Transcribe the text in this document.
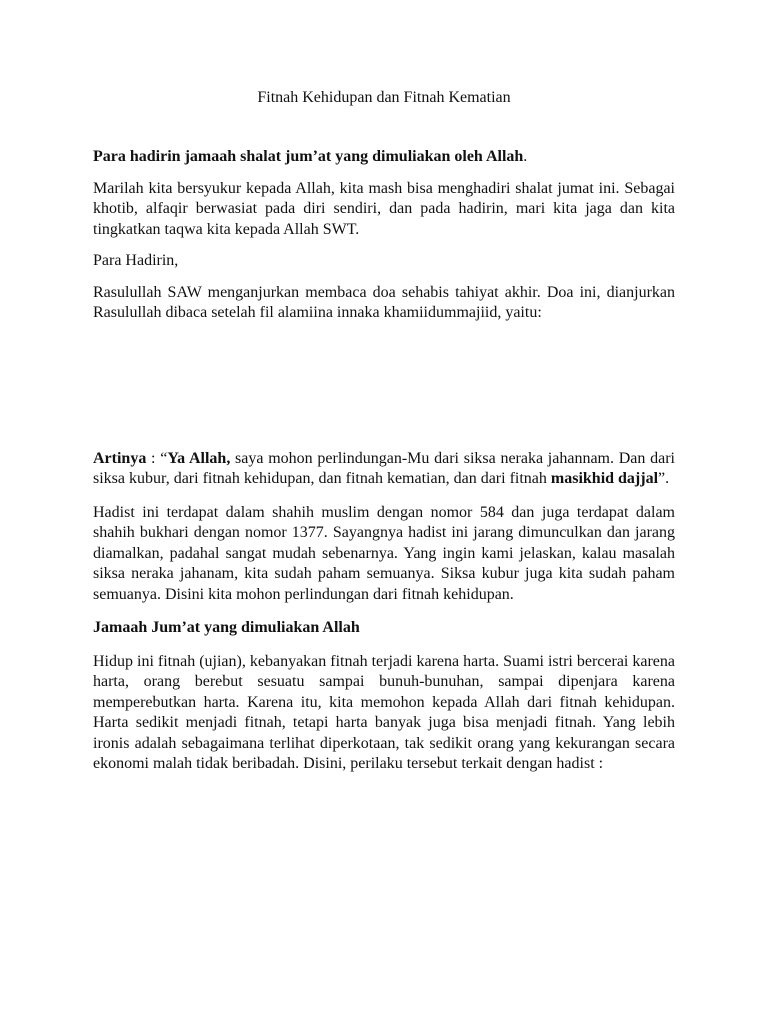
Fitnah Kehidupan dan Fitnah Kematian

Para hadirin jamaah shalat jum’at yang dimuliakan oleh Allah.

Marilah kita bersyukur kepada Allah, kita mash bisa menghadiri shalat jumat ini. Sebagai khotib, alfaqir berwasiat pada diri sendiri, dan pada hadirin, mari kita jaga dan kita tingkatkan taqwa kita kepada Allah SWT.

Para Hadirin,

Rasulullah SAW menganjurkan membaca doa sehabis tahiyat akhir. Doa ini, dianjurkan Rasulullah dibaca setelah fil alamiina innaka khamiidummajiid, yaitu:

Artinya : “Ya Allah, saya mohon perlindungan-Mu dari siksa neraka jahannam. Dan dari siksa kubur, dari fitnah kehidupan, dan fitnah kematian, dan dari fitnah masikhid dajjal”.

Hadist ini terdapat dalam shahih muslim dengan nomor 584 dan juga terdapat dalam shahih bukhari dengan nomor 1377. Sayangnya hadist ini jarang dimunculkan dan jarang diamalkan, padahal sangat mudah sebenarnya. Yang ingin kami jelaskan, kalau masalah siksa neraka jahanam, kita sudah paham semuanya. Siksa kubur juga kita sudah paham semuanya. Disini kita mohon perlindungan dari fitnah kehidupan.

Jamaah Jum’at yang dimuliakan Allah

Hidup ini fitnah (ujian), kebanyakan fitnah terjadi karena harta. Suami istri bercerai karena harta, orang berebut sesuatu sampai bunuh-bunuhan, sampai dipenjara karena memperebutkan harta. Karena itu, kita memohon kepada Allah dari fitnah kehidupan. Harta sedikit menjadi fitnah, tetapi harta banyak juga bisa menjadi fitnah. Yang lebih ironis adalah sebagaimana terlihat diperkotaan, tak sedikit orang yang kekurangan secara ekonomi malah tidak beribadah. Disini, perilaku tersebut terkait dengan hadist :
